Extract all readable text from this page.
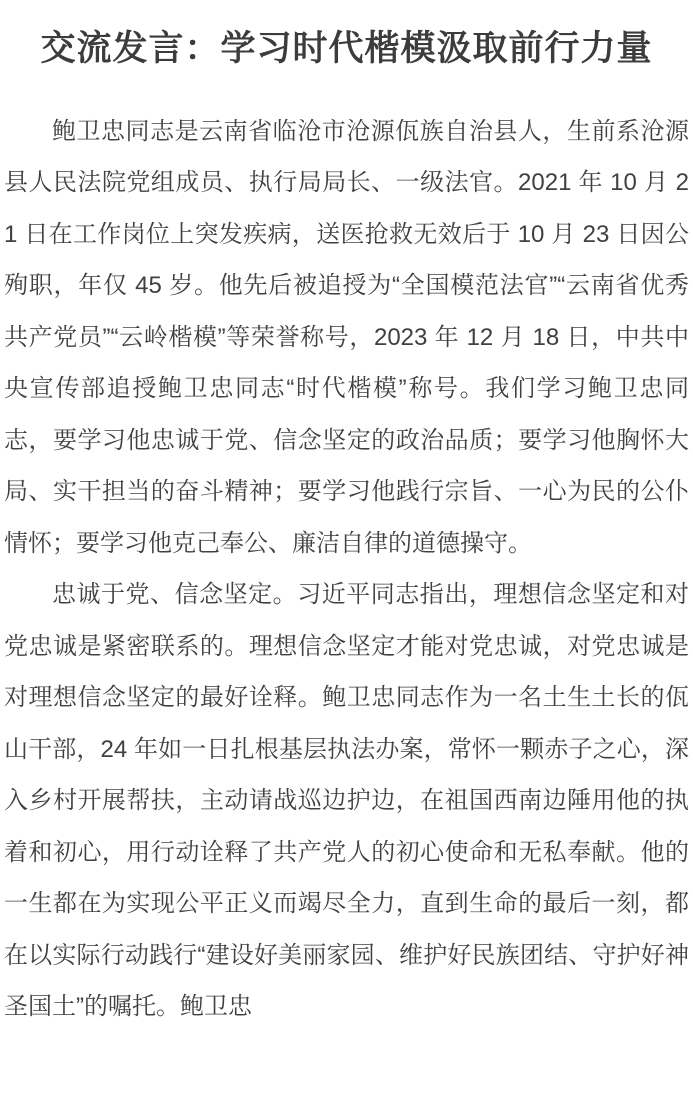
交流发言：学习时代楷模汲取前行力量

鲍卫忠同志是云南省临沧市沧源佤族自治县人，生前系沧源县人民法院党组成员、执行局局长、一级法官。2021 年 10 月 21 日在工作岗位上突发疾病，送医抢救无效后于 10 月 23 日因公殉职，年仅 45 岁。他先后被追授为“全国模范法官”“云南省优秀共产党员”“云岭楷模”等荣誉称号，2023 年 12 月 18 日，中共中央宣传部追授鲍卫忠同志“时代楷模”称号。我们学习鲍卫忠同志，要学习他忠诚于党、信念坚定的政治品质；要学习他胸怀大局、实干担当的奋斗精神；要学习他践行宗旨、一心为民的公仆情怀；要学习他克己奉公、廉洁自律的道德操守。

忠诚于党、信念坚定。习近平同志指出，理想信念坚定和对党忠诚是紧密联系的。理想信念坚定才能对党忠诚，对党忠诚是对理想信念坚定的最好诠释。鲍卫忠同志作为一名土生土长的佤山干部，24 年如一日扎根基层执法办案，常怀一颗赤子之心，深入乡村开展帮扶，主动请战巡边护边，在祖国西南边陲用他的执着和初心，用行动诠释了共产党人的初心使命和无私奉献。他的一生都在为实现公平正义而竭尽全力，直到生命的最后一刻，都在以实际行动践行“建设好美丽家园、维护好民族团结、守护好神圣国土”的嘱托。鲍卫忠
